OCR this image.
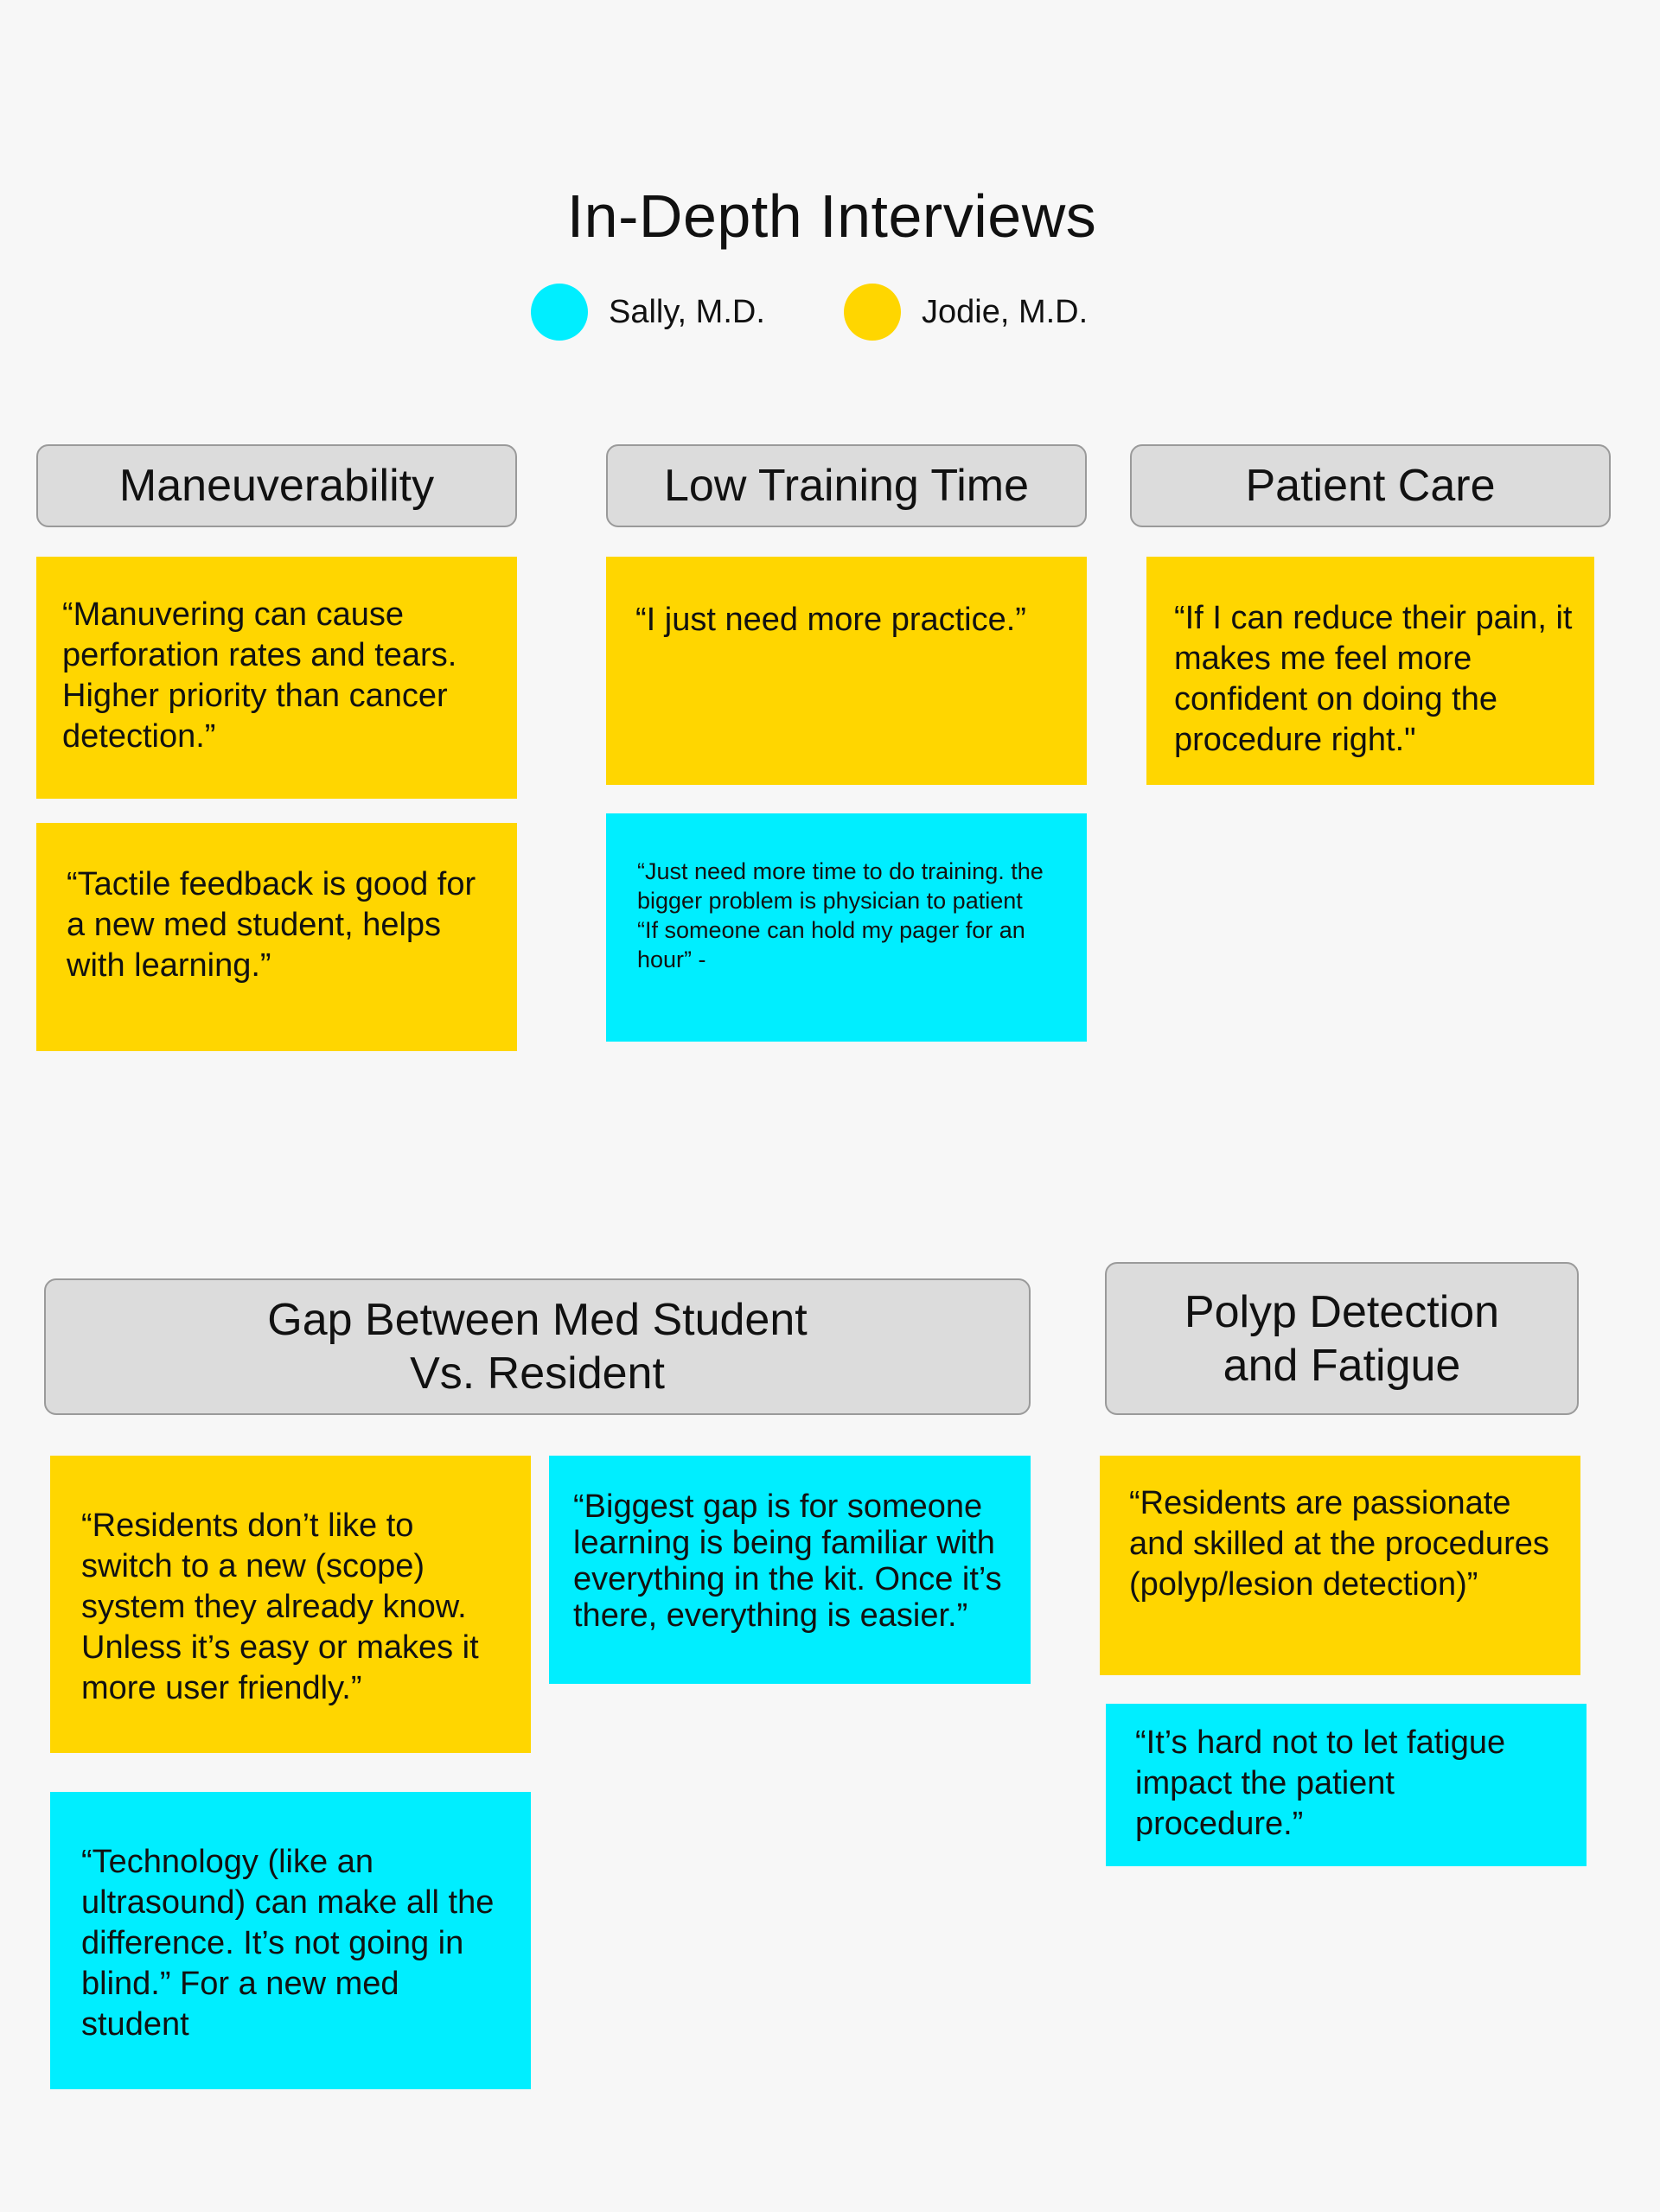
In-Depth Interviews
Sally, M.D.	Jodie, M.D.
Maneuverability	Low Training Time	Patient Care
“Manuvering can cause perforation rates and tears. Higher priority than cancer detection.”
“Tactile feedback is good for a new med student, helps with learning.”
“I just need more practice.”
“Just need more time to do training. the bigger problem is physician to patient
“If someone can hold my pager for an hour” -
“If I can reduce their pain, it makes me feel more confident on doing the procedure right."
Gap Between Med Student
Vs. Resident
Polyp Detection
and Fatigue
“Residents don’t like to switch to a new (scope) system they already know. Unless it’s easy or makes it more user friendly.”
“Technology (like an ultrasound) can make all the difference. It’s not going in blind.” For a new med student
“Biggest gap is for someone learning is being familiar with everything in the kit. Once it’s there, everything is easier.”
“Residents are passionate and skilled at the procedures (polyp/lesion detection)”
“It’s hard not to let fatigue impact the patient procedure.”
